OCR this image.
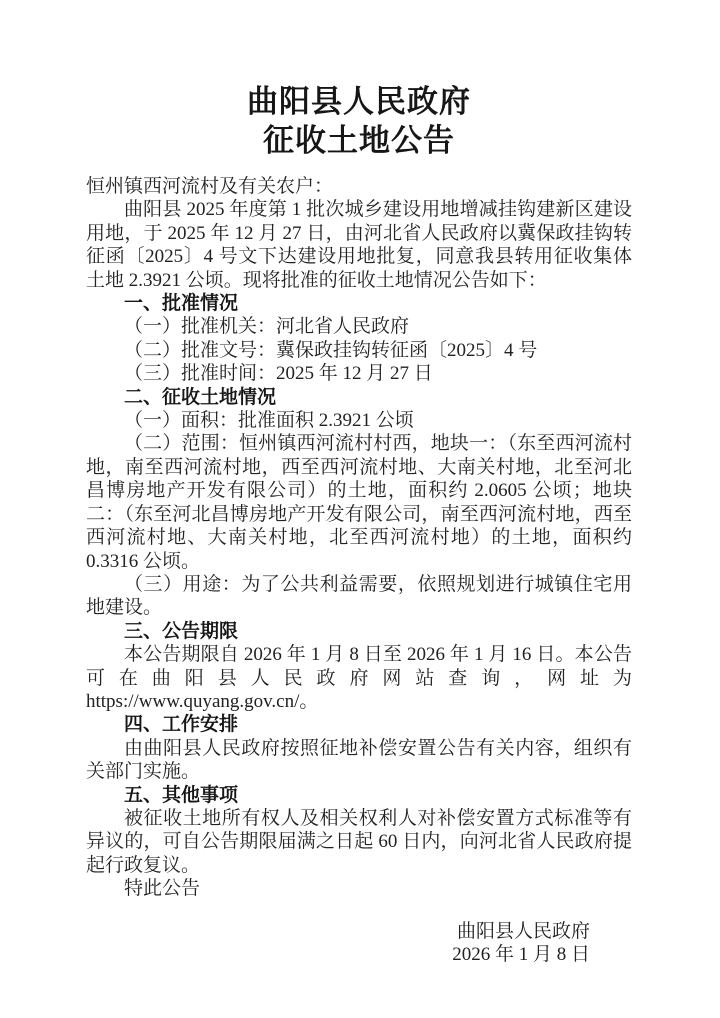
曲阳县人民政府
征收土地公告

恒州镇西河流村及有关农户：

曲阳县 2025 年度第 1 批次城乡建设用地增减挂钩建新区建设用地，于 2025 年 12 月 27 日，由河北省人民政府以冀保政挂钩转征函〔2025〕4 号文下达建设用地批复，同意我县转用征收集体土地 2.3921 公顷。现将批准的征收土地情况公告如下：

一、批准情况

（一）批准机关：河北省人民政府

（二）批准文号：冀保政挂钩转征函〔2025〕4 号

（三）批准时间：2025 年 12 月 27 日

二、征收土地情况

（一）面积：批准面积 2.3921 公顷

（二）范围：恒州镇西河流村村西，地块一：（东至西河流村地，南至西河流村地，西至西河流村地、大南关村地，北至河北昌博房地产开发有限公司）的土地，面积约 2.0605 公顷；地块二：（东至河北昌博房地产开发有限公司，南至西河流村地，西至西河流村地、大南关村地，北至西河流村地）的土地，面积约 0.3316 公顷。

（三）用途：为了公共利益需要，依照规划进行城镇住宅用地建设。

三、公告期限

本公告期限自 2026 年 1 月 8 日至 2026 年 1 月 16 日。本公告可在曲阳县人民政府网站查询，网址为 https://www.quyang.gov.cn/。

四、工作安排

由曲阳县人民政府按照征地补偿安置公告有关内容，组织有关部门实施。

五、其他事项

被征收土地所有权人及相关权利人对补偿安置方式标准等有异议的，可自公告期限届满之日起 60 日内，向河北省人民政府提起行政复议。

特此公告

曲阳县人民政府
2026 年 1 月 8 日
